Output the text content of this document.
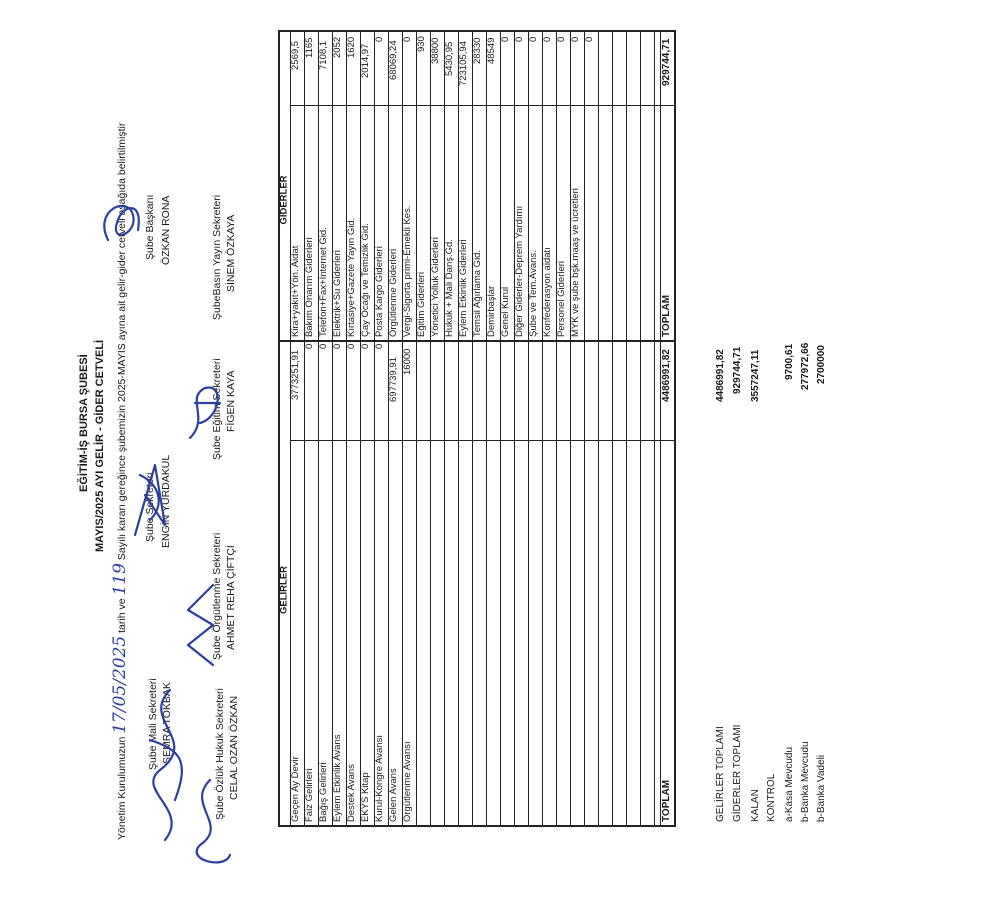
EĞİTİM-İŞ BURSA ŞUBESİ MAYIS/2025 AYI GELİR - GİDER CETVELİ
Yönetim Kurulumuzun 17/05/2025 tarih ve 119 Sayılı kararı gereğince şubemizin 2025-MAYIS ayına ait gelir-gider cetveli aşağıda belirtilmiştir
Şube Mali Sekreteri SEMRA TOKBAK
Şube Sekreteri ENGİN YURDAKUL
Şube Başkanı ÖZKAN RONA
Şube Özlük Hukuk Sekreteri CELAL OZAN ÖZKAN
Şube Örgütlenme Sekreteri AHMET REHA ÇİFTÇİ
Şube Eğitim Sekreteri FİGEN KAYA
ŞubeBasın Yayın Sekreteri SİNEM ÖZKAYA
GELİRLER
GİDERLER
Geçen Ay Devir Faiz Gelirleri Bağış Gelirleri Eylem Etkinlik Avans Destek Avans EKYS Kitap Kurul-Kongre Avansı Gelen Avans Örgütlenme Avansı
3773251,91
0 0 0 0 0 0
697739,91 16000
Kira+yakıt+Yön. Aidat Bakım Onarım Giderleri Telefon+Fax+İnternet Gid. Elektrik+Su Giderleri Kırtasiye+Gazete Yayın Gid. Çay Ocağı ve Temizlik Gid. Posta Kargo Giderleri Örgütlenme Giderleri Vergi-Sigorta primi-Emekli Kes. Eğitim Giderleri Yönetici Yolluk Giderleri Hukuk + Mali Danş.Gd. Eylem Etkinlik Giderleri Temsil Ağırlama Gid. Demirbaşlar Genel Kurul Diğer Giderler-Deprem Yardımı Şube ve Tem.Avans. Konfederasyon aidatı Personel Giderleri MYK ve şube bşk.maaş ve ücretleri
2569,5 1165 7108,1 2052 1620 2014,97
0
68069,24
0 930 38800 5430,95 723105,94 28330 48549 0 0 0 0 0 0 0
TOPLAM
4486991,82
TOPLAM
929744,71
GELİRLER TOPLAMI GİDERLER TOPLAMI KALAN KONTROL a-Kasa Mevcudu b-Banka Mevcudu b-Banka Vadeli
4486991,82 929744,71 3557247,11 9700,61 277972,66 2700000
